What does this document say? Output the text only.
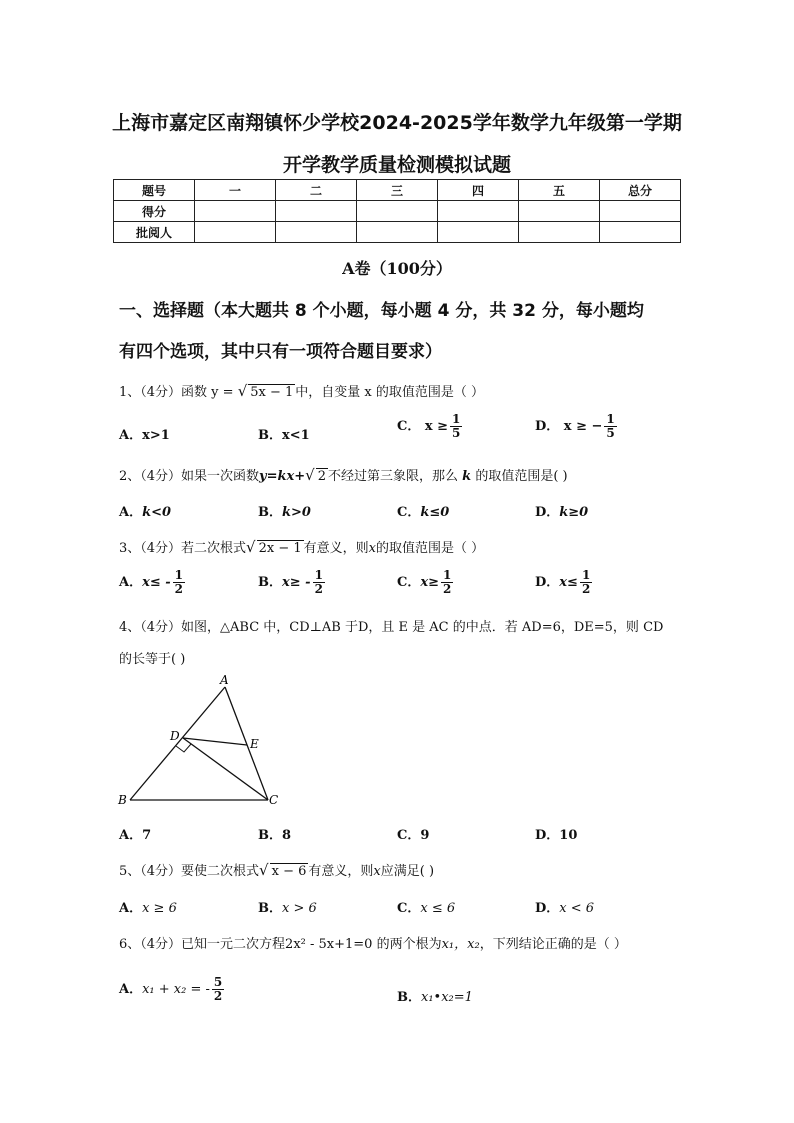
上海市嘉定区南翔镇怀少学校2024-2025学年数学九年级第一学期
开学教学质量检测模拟试题
题号	一	二	三	四	五	总分
得分						
批阅人						
A卷（100分）
一、选择题（本大题共 8 个小题，每小题 4 分，共 32 分，每小题均
有四个选项，其中只有一项符合题目要求）
1、（4分）函数 y = √ 5x − 1 中，自变量 x 的取值范围是（ ）
A．x>1	B．x<1
C． $x \ge \frac{1}{5}$	D． x ≥ − $\frac{1}{5}$
2、（4分）如果一次函数y=kx+√ 2 不经过第三象限，那么 k 的取值范围是( )
A．k<0	B．k>0	C．k≤0	D．k≥0
3、（4分）若二次根式√ 2x − 1 有意义，则x的取值范围是（ ）
A．$x\le - \frac{1}{2}$	B．$x\ge - \frac{1}{2}$	C．$x\ge \frac{1}{2}$	D．$x\le \frac{1}{2}$
4、（4分）如图，△ABC 中，CD⊥AB 于D，且 E 是 AC 的中点．若 AD=6，DE=5，则 CD
的长等于( )
A
B	C
D
E
A．7	B．8	C．9	D．10
5、（4分）要使二次根式√ x − 6 有意义，则x应满足( )
A．x ≥ 6	B．x > 6	C．x ≤ 6	D．x < 6
6、（4分）已知一元二次方程2x² - 5x+1=0 的两个根为x₁，x₂，下列结论正确的是（ ）
A．x₁ + x₂ = - $\frac{5}{2}$	B．x₁•x₂=1
